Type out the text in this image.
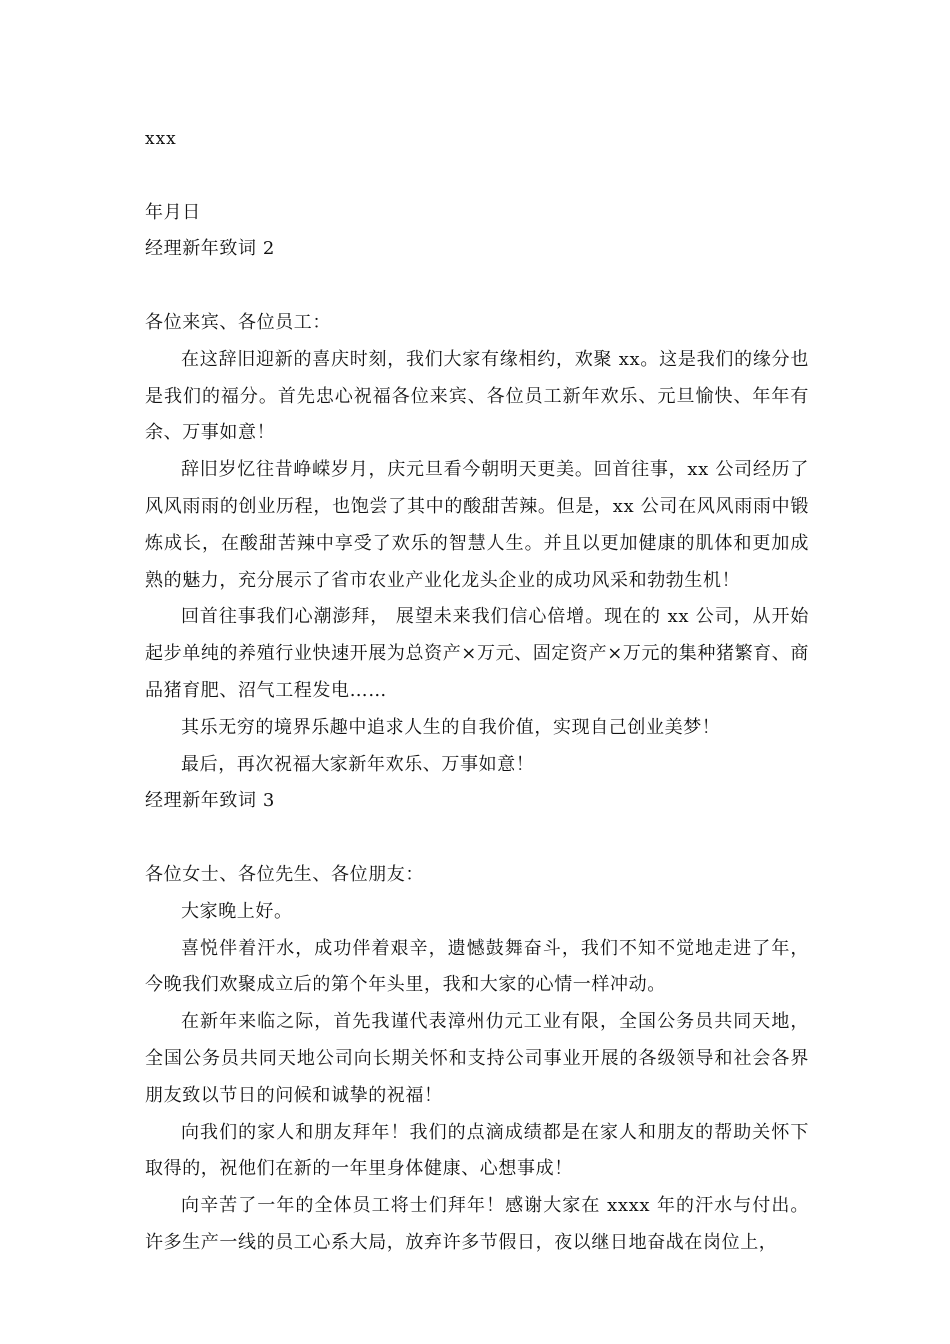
xxx
年月日
经理新年致词 2
各位来宾、各位员工：

在这辞旧迎新的喜庆时刻，我们大家有缘相约，欢聚 xx。这是我们的缘分也是我们的福分。首先忠心祝福各位来宾、各位员工新年欢乐、元旦愉快、年年有余、万事如意！

辞旧岁忆往昔峥嵘岁月，庆元旦看今朝明天更美。回首往事，xx 公司经历了风风雨雨的创业历程，也饱尝了其中的酸甜苦辣。但是，xx 公司在风风雨雨中锻炼成长，在酸甜苦辣中享受了欢乐的智慧人生。并且以更加健康的肌体和更加成熟的魅力，充分展示了省市农业产业化龙头企业的成功风采和勃勃生机！

回首往事我们心潮澎拜， 展望未来我们信心倍增。现在的 xx 公司，从开始起步单纯的养殖行业快速开展为总资产×万元、固定资产×万元的集种猪繁育、商品猪育肥、沼气工程发电……

其乐无穷的境界乐趣中追求人生的自我价值，实现自己创业美梦！

最后，再次祝福大家新年欢乐、万事如意！

经理新年致词 3
各位女士、各位先生、各位朋友：

大家晚上好。

喜悦伴着汗水，成功伴着艰辛，遗憾鼓舞奋斗，我们不知不觉地走进了年，今晚我们欢聚成立后的第个年头里，我和大家的心情一样冲动。

在新年来临之际，首先我谨代表漳州仂元工业有限，全国公务员共同天地，全国公务员共同天地公司向长期关怀和支持公司事业开展的各级领导和社会各界朋友致以节日的问候和诚挚的祝福！

向我们的家人和朋友拜年！我们的点滴成绩都是在家人和朋友的帮助关怀下取得的，祝他们在新的一年里身体健康、心想事成！

向辛苦了一年的全体员工将士们拜年！感谢大家在 xxxx 年的汗水与付出。许多生产一线的员工心系大局，放弃许多节假日，夜以继日地奋战在岗位上，
